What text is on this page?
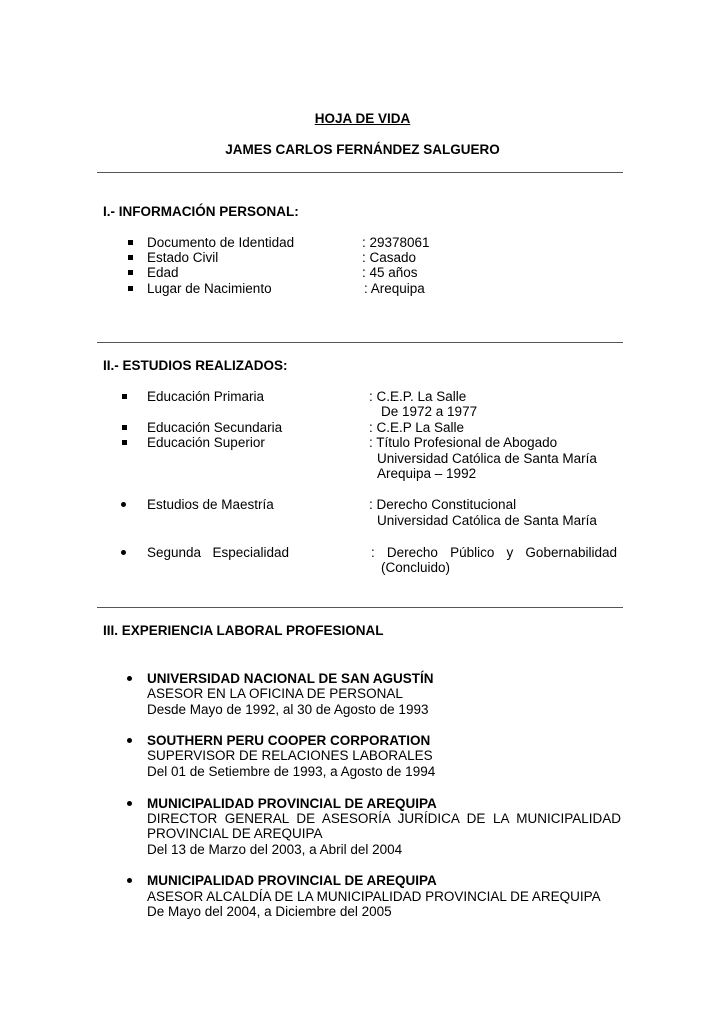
HOJA DE VIDA
JAMES CARLOS FERNÁNDEZ SALGUERO
I.- INFORMACIÓN PERSONAL:
Documento de Identidad	: 29378061
Estado Civil	: Casado
Edad	: 45 años
Lugar de Nacimiento	: Arequipa
II.- ESTUDIOS REALIZADOS:
Educación Primaria	: C.E.P. La Salle
De 1972 a 1977
Educación Secundaria	: C.E.P La Salle
Educación Superior	: Título Profesional de Abogado
Universidad Católica de Santa María
Arequipa – 1992
Estudios de Maestría	: Derecho Constitucional
Universidad Católica de Santa María
Segunda Especialidad	: Derecho Público y Gobernabilidad
(Concluido)
III. EXPERIENCIA LABORAL PROFESIONAL
UNIVERSIDAD NACIONAL DE SAN AGUSTÍN
ASESOR EN LA OFICINA DE PERSONAL
Desde Mayo de 1992, al 30 de Agosto de 1993
SOUTHERN PERU COOPER CORPORATION
SUPERVISOR DE RELACIONES LABORALES
Del 01 de Setiembre de 1993, a Agosto de 1994
MUNICIPALIDAD PROVINCIAL DE AREQUIPA
DIRECTOR GENERAL DE ASESORÍA JURÍDICA DE LA MUNICIPALIDAD
PROVINCIAL DE AREQUIPA
Del 13 de Marzo del 2003, a Abril del 2004
MUNICIPALIDAD PROVINCIAL DE AREQUIPA
ASESOR ALCALDÍA DE LA MUNICIPALIDAD PROVINCIAL DE AREQUIPA
De Mayo del 2004, a Diciembre del 2005
